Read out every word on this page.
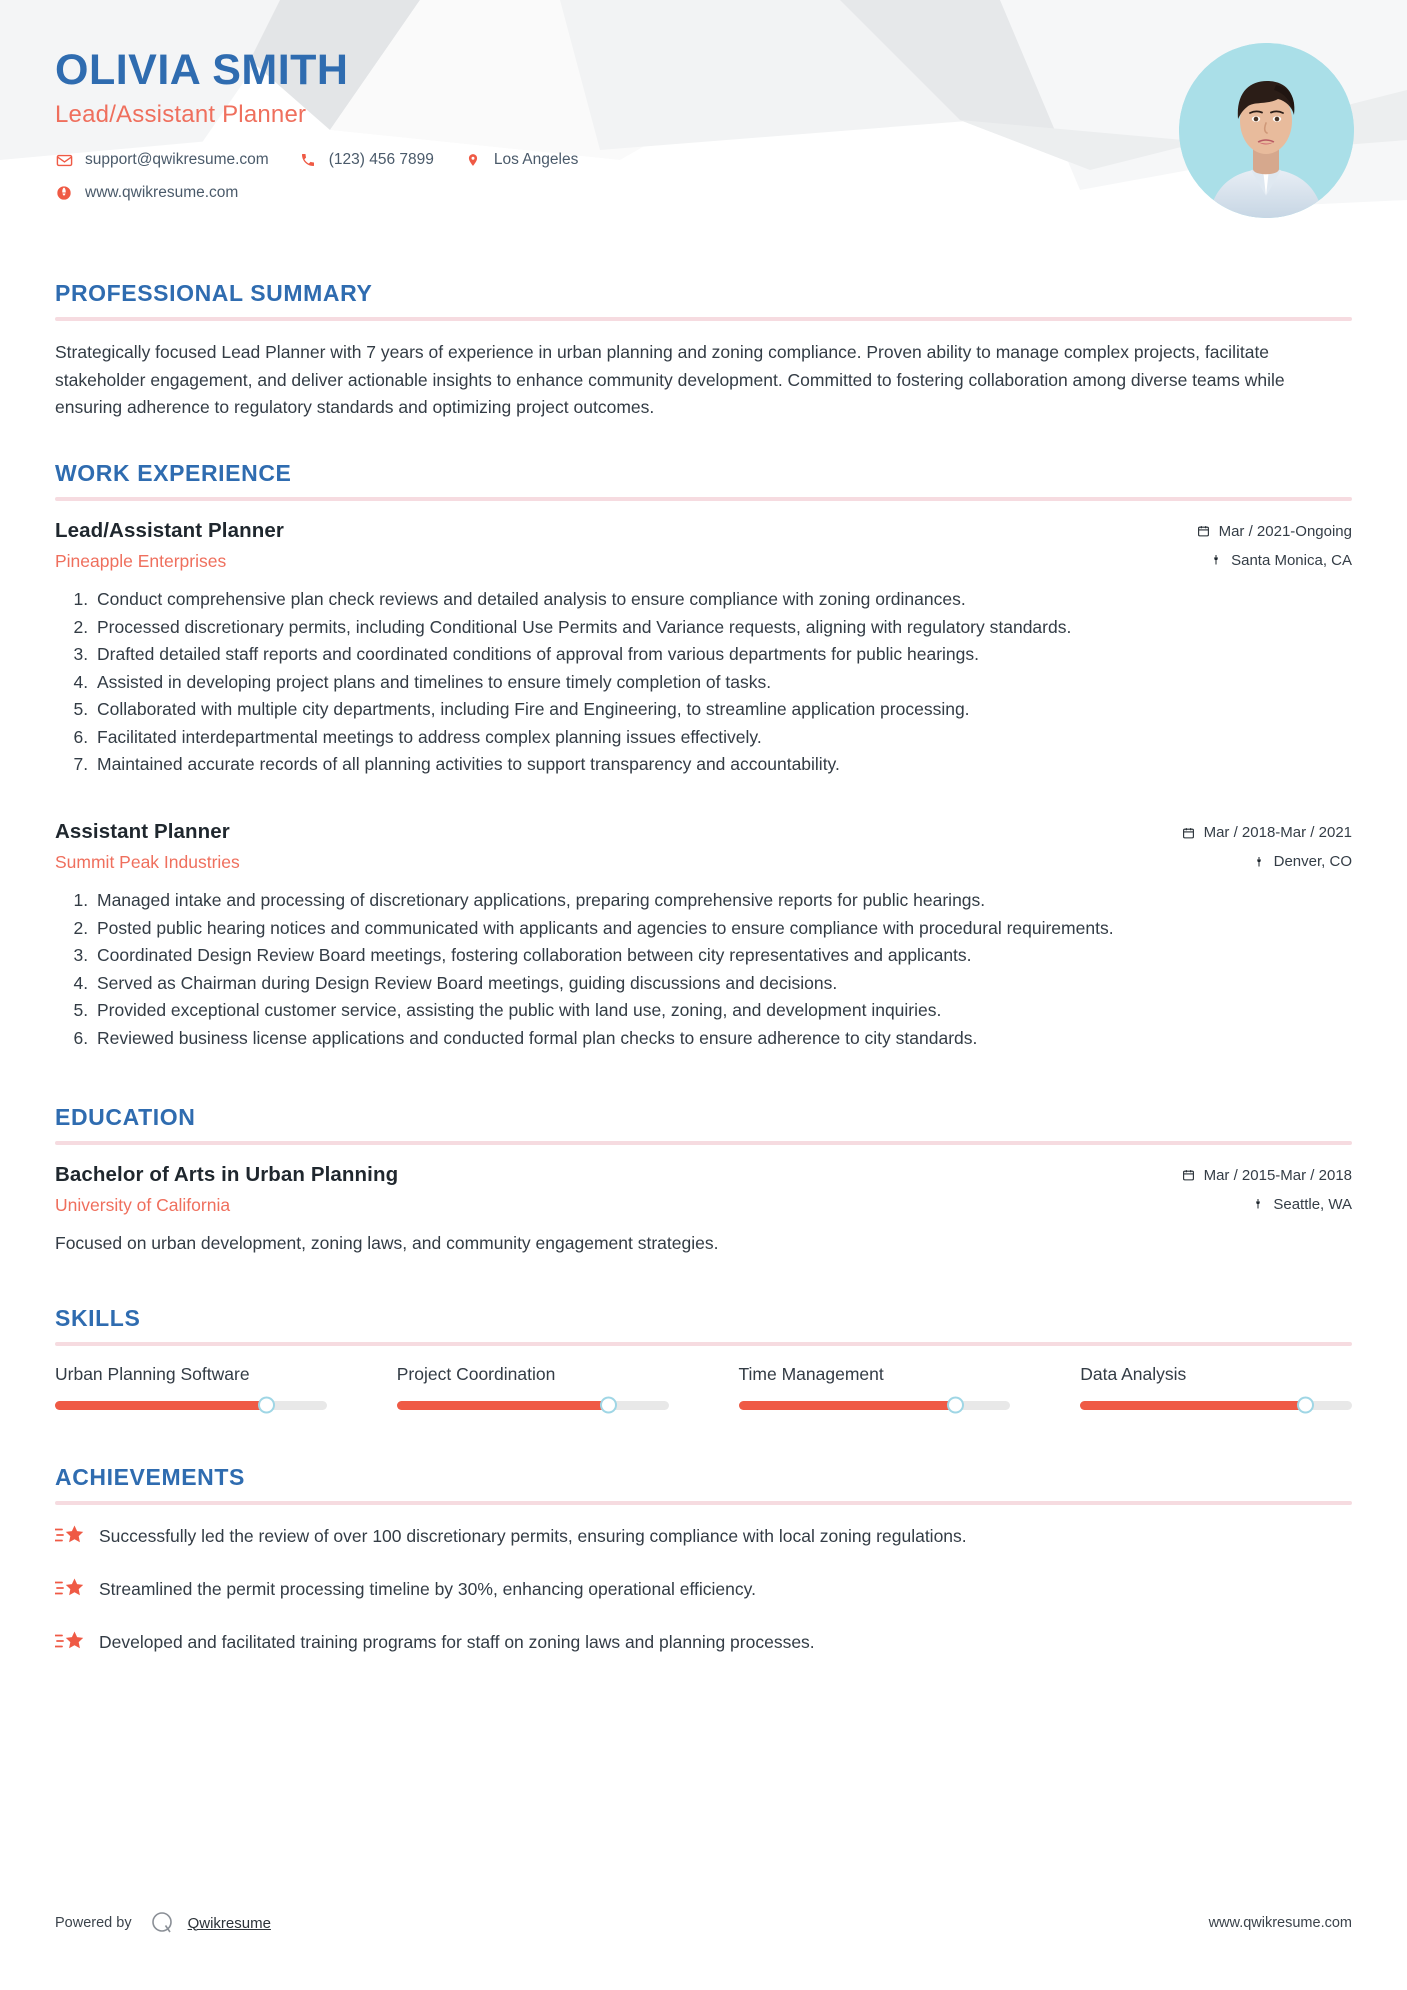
OLIVIA SMITH
Lead/Assistant Planner
support@qwikresume.com	(123) 456 7899	Los Angeles
www.qwikresume.com
PROFESSIONAL SUMMARY
Strategically focused Lead Planner with 7 years of experience in urban planning and zoning compliance. Proven ability to manage complex projects, facilitate stakeholder engagement, and deliver actionable insights to enhance community development. Committed to fostering collaboration among diverse teams while ensuring adherence to regulatory standards and optimizing project outcomes.
WORK EXPERIENCE
Lead/Assistant Planner
Pineapple Enterprises
Mar / 2021-Ongoing
Santa Monica, CA
1. Conduct comprehensive plan check reviews and detailed analysis to ensure compliance with zoning ordinances.
2. Processed discretionary permits, including Conditional Use Permits and Variance requests, aligning with regulatory standards.
3. Drafted detailed staff reports and coordinated conditions of approval from various departments for public hearings.
4. Assisted in developing project plans and timelines to ensure timely completion of tasks.
5. Collaborated with multiple city departments, including Fire and Engineering, to streamline application processing.
6. Facilitated interdepartmental meetings to address complex planning issues effectively.
7. Maintained accurate records of all planning activities to support transparency and accountability.
Assistant Planner
Summit Peak Industries
Mar / 2018-Mar / 2021
Denver, CO
1. Managed intake and processing of discretionary applications, preparing comprehensive reports for public hearings.
2. Posted public hearing notices and communicated with applicants and agencies to ensure compliance with procedural requirements.
3. Coordinated Design Review Board meetings, fostering collaboration between city representatives and applicants.
4. Served as Chairman during Design Review Board meetings, guiding discussions and decisions.
5. Provided exceptional customer service, assisting the public with land use, zoning, and development inquiries.
6. Reviewed business license applications and conducted formal plan checks to ensure adherence to city standards.
EDUCATION
Bachelor of Arts in Urban Planning
University of California
Mar / 2015-Mar / 2018
Seattle, WA
Focused on urban development, zoning laws, and community engagement strategies.
SKILLS
Urban Planning Software	Project Coordination	Time Management	Data Analysis
ACHIEVEMENTS
Successfully led the review of over 100 discretionary permits, ensuring compliance with local zoning regulations.
Streamlined the permit processing timeline by 30%, enhancing operational efficiency.
Developed and facilitated training programs for staff on zoning laws and planning processes.
Powered by	Qwikresume	www.qwikresume.com
